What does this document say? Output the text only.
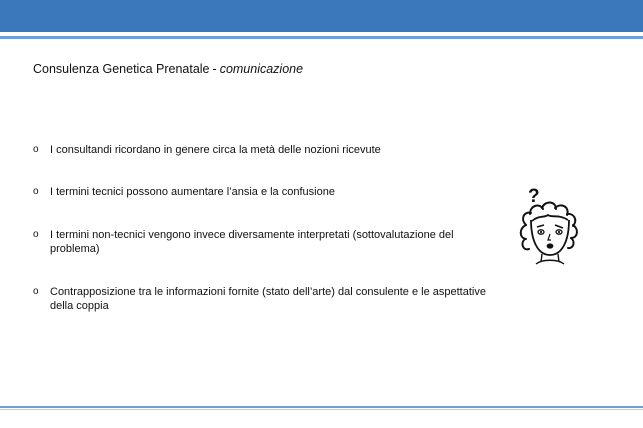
Consulenza Genetica Prenatale - comunicazione
o I consultandi ricordano in genere circa la metà delle nozioni ricevute
o I termini tecnici possono aumentare l’ansia e la confusione
o I termini non-tecnici vengono invece diversamente interpretati (sottovalutazione del problema)
o Contrapposizione tra le informazioni fornite (stato dell’arte) dal consulente e le aspettative della coppia
?
